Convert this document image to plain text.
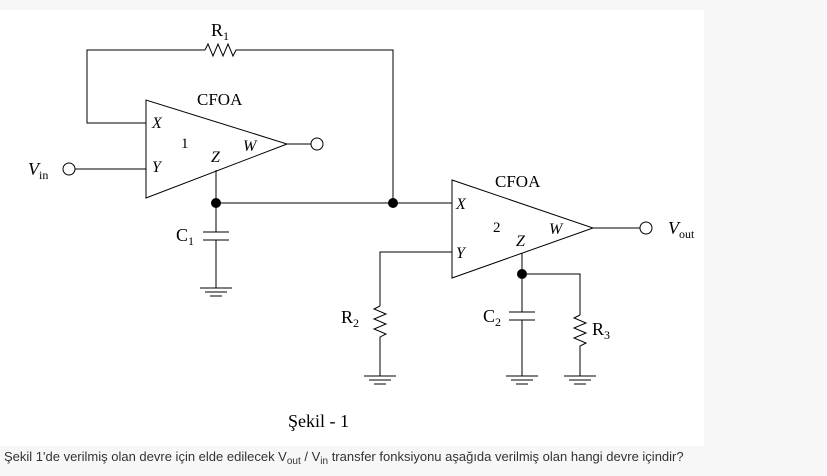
$R_1$
CFOA
1
X
Y
Z
W
$V_{in}$
$C_1$
CFOA
2
X
Y
Z
W	$V_{out}$
$R_2$	$C_2$	$R_3$
Şekil - 1
Şekil 1'de verilmiş olan devre için elde edilecek $V_{out} / V_{in}$ transfer fonksiyonu aşağıda verilmiş olan hangi devre içindir?
